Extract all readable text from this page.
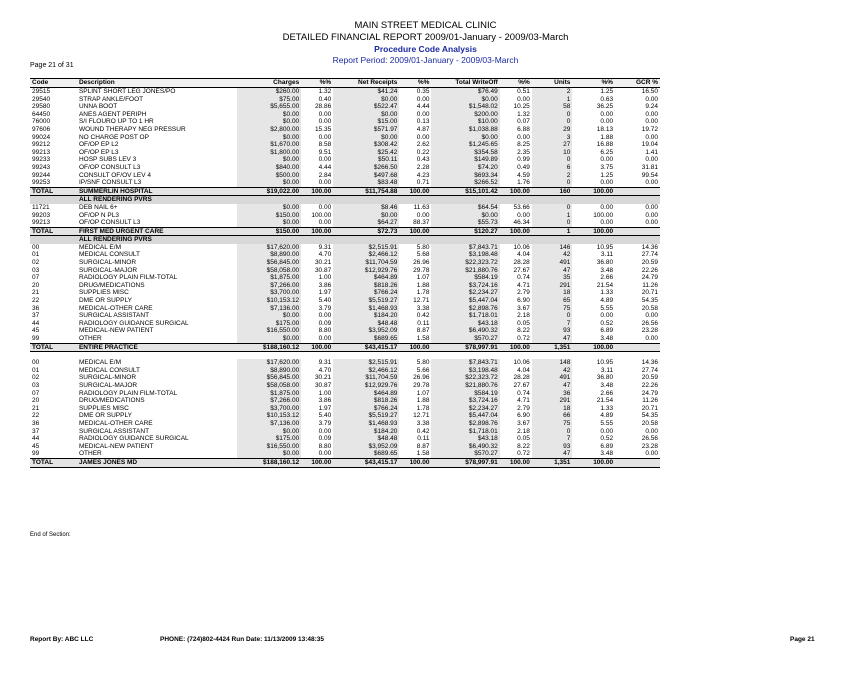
MAIN STREET MEDICAL CLINIC
DETAILED FINANCIAL REPORT 2009/01-January - 2009/03-March
Procedure Code Analysis
Report Period: 2009/01-January - 2009/03-March
Page 21 of 31
Code	Description	Charges	%%	Net Receipts	%%	Total WriteOff	%%	Units	%%	GCR %
29515	SPLINT SHORT LEG JONES/PO	$260.00	1.32	$41.24	0.35	$76.49	0.51	2	1.25	16.50
29540	STRAP ANKLE/FOOT	$75.00	0.40	$0.00	0.00	$0.00	0.00	1	0.63	0.00
29580	UNNA BOOT	$5,655.00	28.86	$522.47	4.44	$1,548.02	10.25	58	36.25	9.24
64450	ANES AGENT PERIPH	$0.00	0.00	$0.00	0.00	$200.00	1.32	0	0.00	0.00
76000	S/I FLOURO UP TO 1 HR	$0.00	0.00	$15.00	0.13	$10.00	0.07	0	0.00	0.00
97606	WOUND THERAPY NEG PRESSUR	$2,800.00	15.35	$571.97	4.87	$1,038.88	6.88	29	18.13	19.72
99024	NO CHARGE POST OP	$0.00	0.00	$0.00	0.00	$0.00	0.00	3	1.88	0.00
99212	OF/OP EP L2	$1,670.00	8.58	$308.42	2.62	$1,245.65	8.25	27	16.88	19.04
99213	OF/OP EP L3	$1,800.00	9.51	$25.42	0.22	$354.58	2.35	10	6.25	1.41
99233	HOSP SUBS LEV 3	$0.00	0.00	$50.11	0.43	$149.89	0.99	0	0.00	0.00
99243	OF/OP CONSULT L3	$840.00	4.44	$266.50	2.28	$74.20	0.49	6	3.75	31.81
99244	CONSULT OF/OV LEV 4	$500.00	2.84	$497.68	4.23	$693.34	4.59	2	1.25	99.54
99253	IP/SNF CONSULT L3	$0.00	0.00	$83.48	0.71	$266.52	1.76	0	0.00	0.00
TOTAL	SUMMERLIN HOSPITAL	$19,022.00	100.00	$11,754.88	100.00	$15,101.42	100.00	160	100.00	
	ALL RENDERING PVRS									
11721	DEB NAIL 6+	$0.00	0.00	$8.46	11.63	$64.54	53.66	0	0.00	0.00
99203	OF/OP N PL3	$150.00	100.00	$0.00	0.00	$0.00	0.00	1	100.00	0.00
99213	OF/OP CONSULT L3	$0.00	0.00	$64.27	88.37	$55.73	46.34	0	0.00	0.00
TOTAL	FIRST MED URGENT CARE	$150.00	100.00	$72.73	100.00	$120.27	100.00	1	100.00	
	ALL RENDERING PVRS									
00	MEDICAL E/M	$17,620.00	9.31	$2,515.91	5.80	$7,843.71	10.06	146	10.95	14.36
01	MEDICAL CONSULT	$8,890.00	4.70	$2,466.12	5.68	$3,198.48	4.04	42	3.11	27.74
02	SURGICAL-MINOR	$56,845.00	30.21	$11,704.59	26.96	$22,323.72	28.28	491	36.80	20.59
03	SURGICAL-MAJOR	$58,058.00	30.87	$12,929.76	29.78	$21,880.76	27.67	47	3.48	22.26
07	RADIOLOGY PLAIN FILM-TOTAL	$1,875.00	1.00	$464.89	1.07	$584.19	0.74	35	2.66	24.79
20	DRUG/MEDICATIONS	$7,266.00	3.86	$818.26	1.88	$3,724.16	4.71	291	21.54	11.26
21	SUPPLIES MISC	$3,700.00	1.97	$766.24	1.78	$2,234.27	2.79	18	1.33	20.71
22	DME OR SUPPLY	$10,153.12	5.40	$5,519.27	12.71	$5,447.04	6.90	65	4.89	54.35
36	MEDICAL-OTHER CARE	$7,136.00	3.79	$1,468.93	3.38	$2,898.76	3.67	75	5.55	20.58
37	SURGICAL ASSISTANT	$0.00	0.00	$184.20	0.42	$1,718.01	2.18	0	0.00	0.00
44	RADIOLOGY GUIDANCE SURGICAL	$175.00	0.09	$48.48	0.11	$43.18	0.05	7	0.52	26.56
45	MEDICAL-NEW PATIENT	$16,550.00	8.80	$3,952.09	8.87	$6,490.32	8.22	93	6.89	23.28
99	OTHER	$0.00	0.00	$689.65	1.58	$570.27	0.72	47	3.48	0.00
TOTAL	ENTIRE PRACTICE	$188,160.12	100.00	$43,415.17	100.00	$78,997.91	100.00	1,351	100.00	

00	MEDICAL E/M	$17,620.00	9.31	$2,515.91	5.80	$7,843.71	10.06	148	10.95	14.36
01	MEDICAL CONSULT	$8,890.00	4.70	$2,466.12	5.66	$3,198.48	4.04	42	3.11	27.74
02	SURGICAL-MINOR	$56,845.00	30.21	$11,704.59	26.96	$22,323.72	28.28	491	36.80	20.59
03	SURGICAL-MAJOR	$58,058.00	30.87	$12,929.76	29.78	$21,880.76	27.67	47	3.48	22.26
07	RADIOLOGY PLAIN FILM-TOTAL	$1,875.00	1.00	$464.89	1.07	$584.19	0.74	36	2.66	24.79
20	DRUG/MEDICATIONS	$7,266.00	3.86	$818.26	1.88	$3,724.16	4.71	291	21.54	11.26
21	SUPPLIES MISC	$3,700.00	1.97	$766.24	1.78	$2,234.27	2.79	18	1.33	20.71
22	DME OR SUPPLY	$10,153.12	5.40	$5,519.27	12.71	$5,447.04	6.90	66	4.89	54.35
36	MEDICAL-OTHER CARE	$7,136.00	3.79	$1,468.93	3.38	$2,898.76	3.67	75	5.55	20.58
37	SURGICAL ASSISTANT	$0.00	0.00	$184.20	0.42	$1,718.01	2.18	0	0.00	0.00
44	RADIOLOGY GUIDANCE SURGICAL	$175.00	0.09	$48.48	0.11	$43.18	0.05	7	0.52	26.56
45	MEDICAL-NEW PATIENT	$16,550.00	8.80	$3,952.09	8.87	$6,490.32	8.22	93	6.89	23.28
99	OTHER	$0.00	0.00	$689.65	1.58	$570.27	0.72	47	3.48	0.00
TOTAL	JAMES JONES MD	$188,160.12	100.00	$43,415.17	100.00	$78,997.91	100.00	1,351	100.00	
End of Section:
Report By: ABC LLC	PHONE: (724)802-4424 Run Date: 11/13/2009 13:48:35	Page 21
